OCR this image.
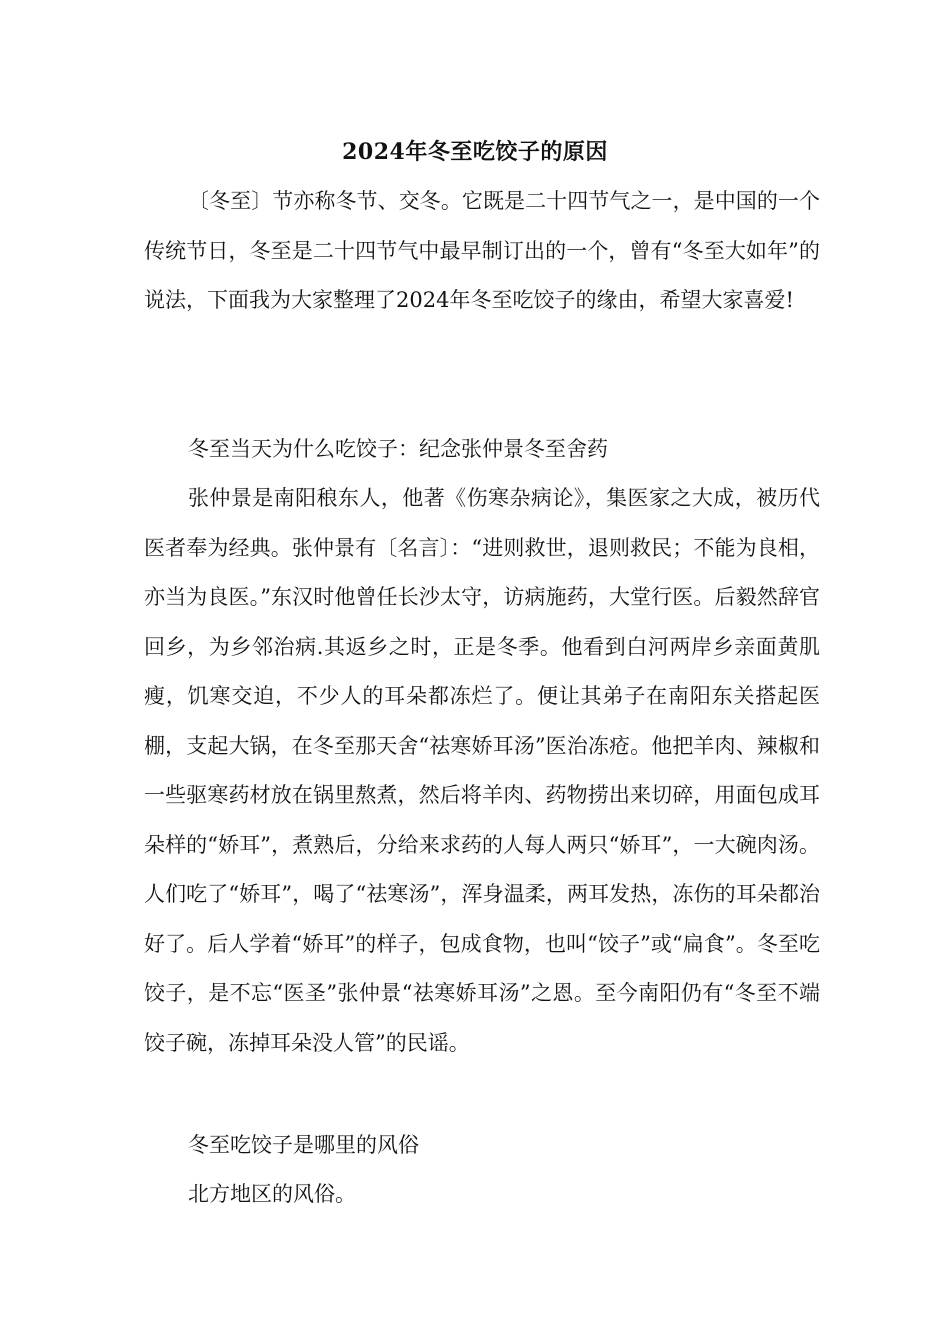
2024年冬至吃饺子的原因

〔冬至〕节亦称冬节、交冬。它既是二十四节气之一，是中国的一个传统节日，冬至是二十四节气中最早制订出的一个，曾有“冬至大如年”的说法，下面我为大家整理了2024年冬至吃饺子的缘由，希望大家喜爱!

冬至当天为什么吃饺子：纪念张仲景冬至舍药

张仲景是南阳稂东人，他著《伤寒杂病论》，集医家之大成，被历代医者奉为经典。张仲景有〔名言〕：“进则救世，退则救民；不能为良相，亦当为良医。”东汉时他曾任长沙太守，访病施药，大堂行医。后毅然辞官回乡，为乡邻治病.其返乡之时，正是冬季。他看到白河两岸乡亲面黄肌瘦，饥寒交迫，不少人的耳朵都冻烂了。便让其弟子在南阳东关搭起医棚，支起大锅，在冬至那天舍“祛寒娇耳汤”医治冻疮。他把羊肉、辣椒和一些驱寒药材放在锅里熬煮，然后将羊肉、药物捞出来切碎，用面包成耳朵样的“娇耳”，煮熟后，分给来求药的人每人两只“娇耳”，一大碗肉汤。人们吃了“娇耳”，喝了“祛寒汤”，浑身温柔，两耳发热，冻伤的耳朵都治好了。后人学着“娇耳”的样子，包成食物，也叫“饺子”或“扁食”。冬至吃饺子，是不忘“医圣”张仲景“祛寒娇耳汤”之恩。至今南阳仍有“冬至不端饺子碗，冻掉耳朵没人管”的民谣。

冬至吃饺子是哪里的风俗

北方地区的风俗。
